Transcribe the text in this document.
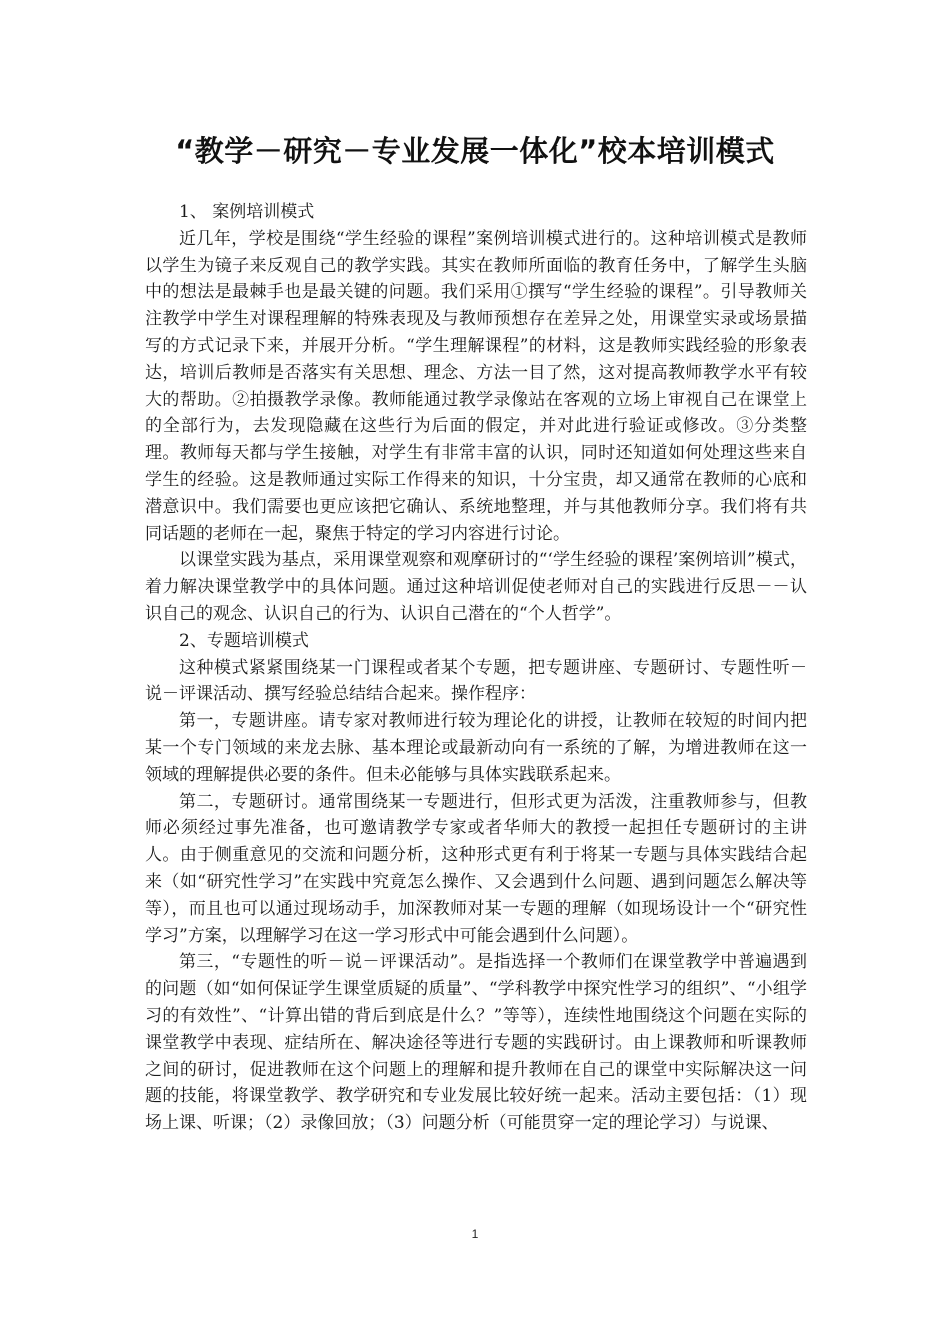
“教学－研究－专业发展一体化”校本培训模式

1、 案例培训模式

近几年，学校是围绕“学生经验的课程”案例培训模式进行的。这种培训模式是教师以学生为镜子来反观自己的教学实践。其实在教师所面临的教育任务中，了解学生头脑中的想法是最棘手也是最关键的问题。我们采用①撰写“学生经验的课程”。引导教师关注教学中学生对课程理解的特殊表现及与教师预想存在差异之处，用课堂实录或场景描写的方式记录下来，并展开分析。“学生理解课程”的材料，这是教师实践经验的形象表达，培训后教师是否落实有关思想、理念、方法一目了然，这对提高教师教学水平有较大的帮助。②拍摄教学录像。教师能通过教学录像站在客观的立场上审视自己在课堂上的全部行为，去发现隐藏在这些行为后面的假定，并对此进行验证或修改。③分类整理。教师每天都与学生接触，对学生有非常丰富的认识，同时还知道如何处理这些来自学生的经验。这是教师通过实际工作得来的知识，十分宝贵，却又通常在教师的心底和潜意识中。我们需要也更应该把它确认、系统地整理，并与其他教师分享。我们将有共同话题的老师在一起，聚焦于特定的学习内容进行讨论。

以课堂实践为基点，采用课堂观察和观摩研讨的“‘学生经验的课程’案例培训”模式，着力解决课堂教学中的具体问题。通过这种培训促使老师对自己的实践进行反思－－认识自己的观念、认识自己的行为、认识自己潜在的“个人哲学”。

2、专题培训模式

这种模式紧紧围绕某一门课程或者某个专题，把专题讲座、专题研讨、专题性听－说－评课活动、撰写经验总结结合起来。操作程序：

第一，专题讲座。请专家对教师进行较为理论化的讲授，让教师在较短的时间内把某一个专门领域的来龙去脉、基本理论或最新动向有一系统的了解，为增进教师在这一领域的理解提供必要的条件。但未必能够与具体实践联系起来。

第二，专题研讨。通常围绕某一专题进行，但形式更为活泼，注重教师参与，但教师必须经过事先准备，也可邀请教学专家或者华师大的教授一起担任专题研讨的主讲人。由于侧重意见的交流和问题分析，这种形式更有利于将某一专题与具体实践结合起来（如“研究性学习”在实践中究竟怎么操作、又会遇到什么问题、遇到问题怎么解决等等），而且也可以通过现场动手，加深教师对某一专题的理解（如现场设计一个“研究性学习”方案，以理解学习在这一学习形式中可能会遇到什么问题）。

第三，“专题性的听－说－评课活动”。是指选择一个教师们在课堂教学中普遍遇到的问题（如“如何保证学生课堂质疑的质量”、“学科教学中探究性学习的组织”、“小组学习的有效性”、“计算出错的背后到底是什么？”等等），连续性地围绕这个问题在实际的课堂教学中表现、症结所在、解决途径等进行专题的实践研讨。由上课教师和听课教师之间的研讨，促进教师在这个问题上的理解和提升教师在自己的课堂中实际解决这一问题的技能，将课堂教学、教学研究和专业发展比较好统一起来。活动主要包括：（1）现场上课、听课；（2）录像回放；（3）问题分析（可能贯穿一定的理论学习）与说课、

1
